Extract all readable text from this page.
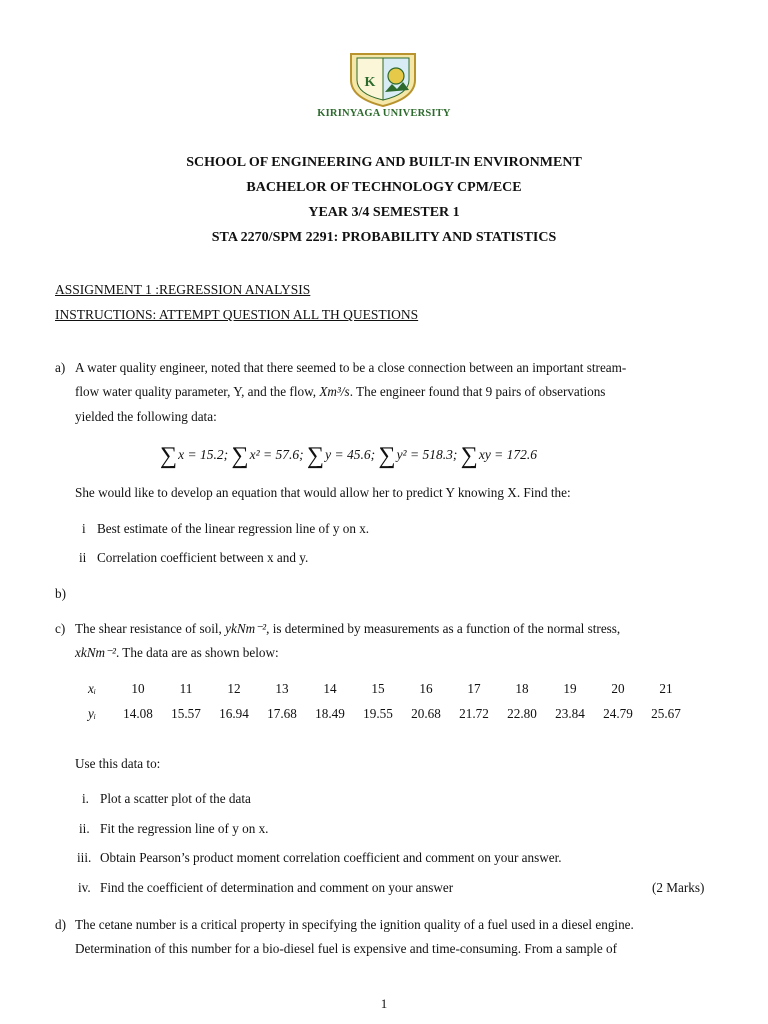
K
KIRINYAGA UNIVERSITY
SCHOOL OF ENGINEERING AND BUILT-IN ENVIRONMENT
BACHELOR OF TECHNOLOGY CPM/ECE
YEAR 3/4 SEMESTER 1
STA 2270/SPM 2291: PROBABILITY AND STATISTICS
ASSIGNMENT 1 :REGRESSION ANALYSIS
INSTRUCTIONS: ATTEMPT QUESTION ALL TH QUESTIONS
a) A water quality engineer, noted that there seemed to be a close connection between an important stream-
flow water quality parameter, Y, and the flow, Xm³/s. The engineer found that 9 pairs of observations
yielded the following data:
∑x = 15.2; ∑x² = 57.6; ∑y = 45.6; ∑y² = 518.3; ∑xy = 172.6
She would like to develop an equation that would allow her to predict Y knowing X. Find the:
i Best estimate of the linear regression line of y on x.
ii Correlation coefficient between x and y.
b)
c) The shear resistance of soil, ykNm⁻², is determined by measurements as a function of the normal stress,
xkNm⁻². The data are as shown below:
xᵢ	10	11	12	13	14	15	16	17	18	19	20	21
yᵢ	14.08	15.57	16.94	17.68	18.49	19.55	20.68	21.72	22.80	23.84	24.79	25.67
Use this data to:
i. Plot a scatter plot of the data
ii. Fit the regression line of y on x.
iii. Obtain Pearson’s product moment correlation coefficient and comment on your answer.
iv. Find the coefficient of determination and comment on your answer	(2 Marks)
d) The cetane number is a critical property in specifying the ignition quality of a fuel used in a diesel engine.
Determination of this number for a bio-diesel fuel is expensive and time-consuming. From a sample of
1
